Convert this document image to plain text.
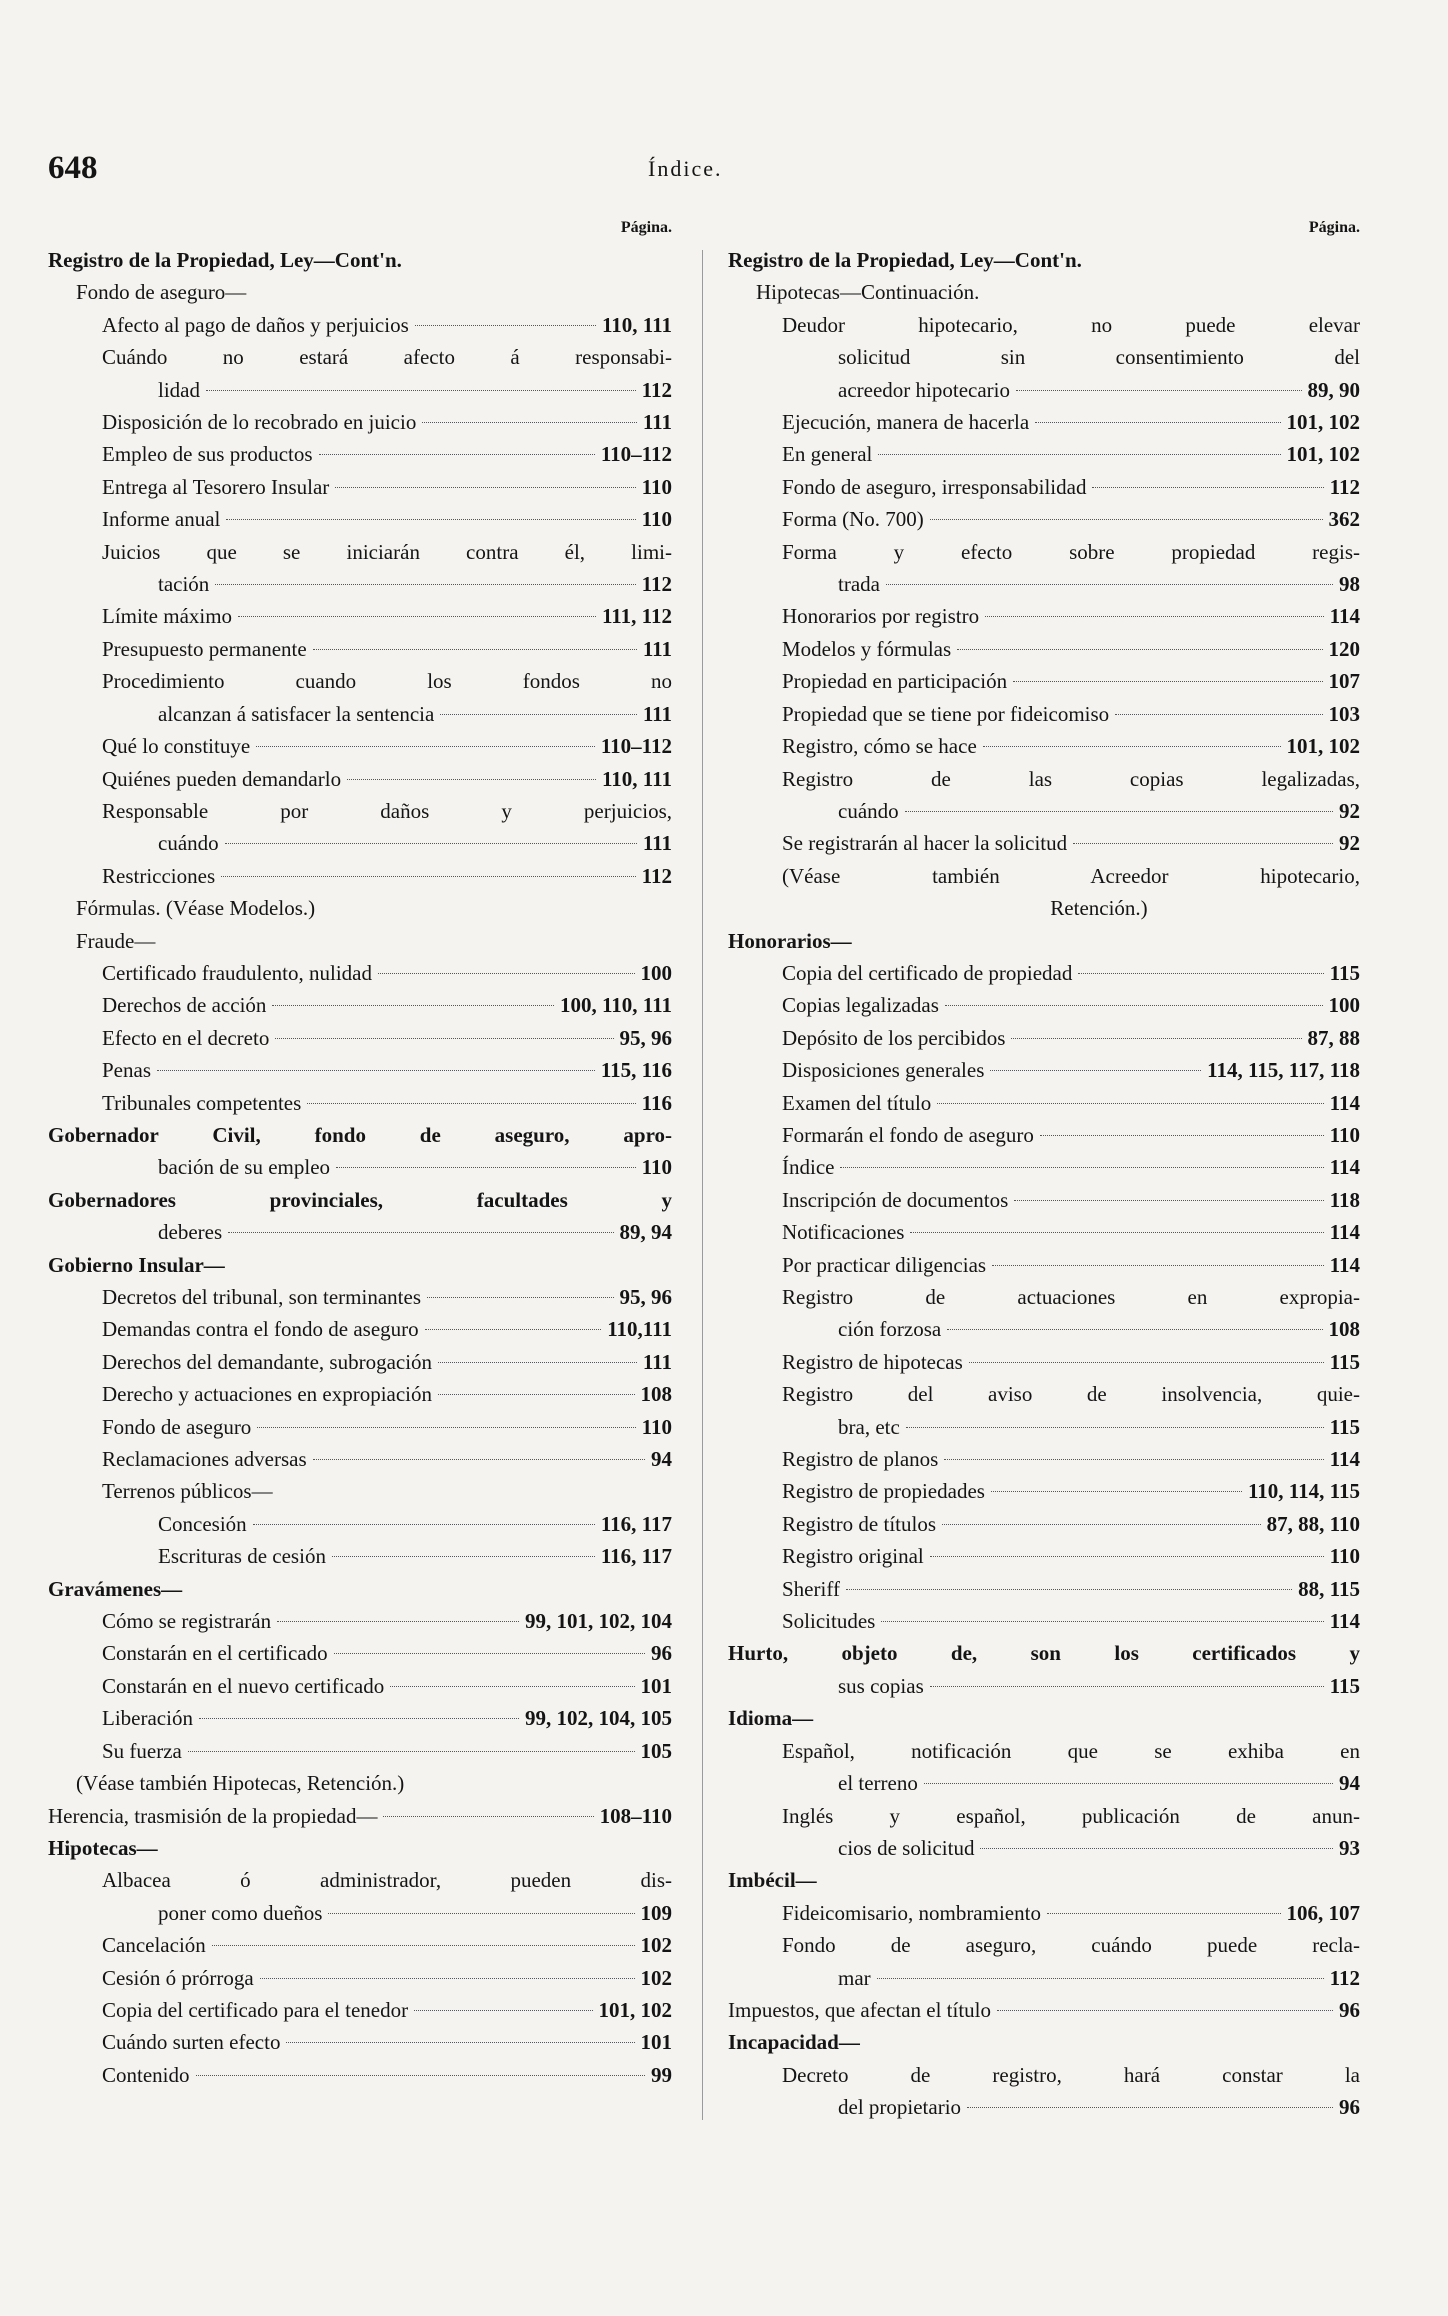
648	Índice.
Página.
Registro de la Propiedad, Ley—Cont'n.
Fondo de aseguro—
Afecto al pago de daños y perjuicios	110, 111
Cuándo no estará afecto á responsabi-
lidad	112
Disposición de lo recobrado en juicio	111
Empleo de sus productos	110–112
Entrega al Tesorero Insular	110
Informe anual	110
Juicios que se iniciarán contra él, limi-
tación	112
Límite máximo	111, 112
Presupuesto permanente	111
Procedimiento cuando los fondos no
alcanzan á satisfacer la sentencia	111
Qué lo constituye	110–112
Quiénes pueden demandarlo	110, 111
Responsable por daños y perjuicios,
cuándo	111
Restricciones	112
Fórmulas. (Véase Modelos.)
Fraude—
Certificado fraudulento, nulidad	100
Derechos de acción	100, 110, 111
Efecto en el decreto	95, 96
Penas	115, 116
Tribunales competentes	116
Gobernador Civil, fondo de aseguro, apro-
bación de su empleo	110
Gobernadores provinciales, facultades y
deberes	89, 94
Gobierno Insular—
Decretos del tribunal, son terminantes	95, 96
Demandas contra el fondo de aseguro	110,111
Derechos del demandante, subrogación	111
Derecho y actuaciones en expropiación	108
Fondo de aseguro	110
Reclamaciones adversas	94
Terrenos públicos—
Concesión	116, 117
Escrituras de cesión	116, 117
Gravámenes—
Cómo se registrarán	99, 101, 102, 104
Constarán en el certificado	96
Constarán en el nuevo certificado	101
Liberación	99, 102, 104, 105
Su fuerza	105
(Véase también Hipotecas, Retención.)
Herencia, trasmisión de la propiedad—	108–110
Hipotecas—
Albacea ó administrador, pueden dis-
poner como dueños	109
Cancelación	102
Cesión ó prórroga	102
Copia del certificado para el tenedor	101, 102
Cuándo surten efecto	101
Contenido	99
Página.
Registro de la Propiedad, Ley—Cont'n.
Hipotecas—Continuación.
Deudor hipotecario, no puede elevar
solicitud sin consentimiento del
acreedor hipotecario	89, 90
Ejecución, manera de hacerla	101, 102
En general	101, 102
Fondo de aseguro, irresponsabilidad	112
Forma (No. 700)	362
Forma y efecto sobre propiedad regis-
trada	98
Honorarios por registro	114
Modelos y fórmulas	120
Propiedad en participación	107
Propiedad que se tiene por fideicomiso	103
Registro, cómo se hace	101, 102
Registro de las copias legalizadas,
cuándo	92
Se registrarán al hacer la solicitud	92
(Véase también Acreedor hipotecario,
Retención.)
Honorarios—
Copia del certificado de propiedad	115
Copias legalizadas	100
Depósito de los percibidos	87, 88
Disposiciones generales	114, 115, 117, 118
Examen del título	114
Formarán el fondo de aseguro	110
Índice	114
Inscripción de documentos	118
Notificaciones	114
Por practicar diligencias	114
Registro de actuaciones en expropia-
ción forzosa	108
Registro de hipotecas	115
Registro del aviso de insolvencia, quie-
bra, etc	115
Registro de planos	114
Registro de propiedades	110, 114, 115
Registro de títulos	87, 88, 110
Registro original	110
Sheriff	88, 115
Solicitudes	114
Hurto, objeto de, son los certificados y
sus copias	115
Idioma—
Español, notificación que se exhiba en
el terreno	94
Inglés y español, publicación de anun-
cios de solicitud	93
Imbécil—
Fideicomisario, nombramiento	106, 107
Fondo de aseguro, cuándo puede recla-
mar	112
Impuestos, que afectan el título	96
Incapacidad—
Decreto de registro, hará constar la
del propietario	96
